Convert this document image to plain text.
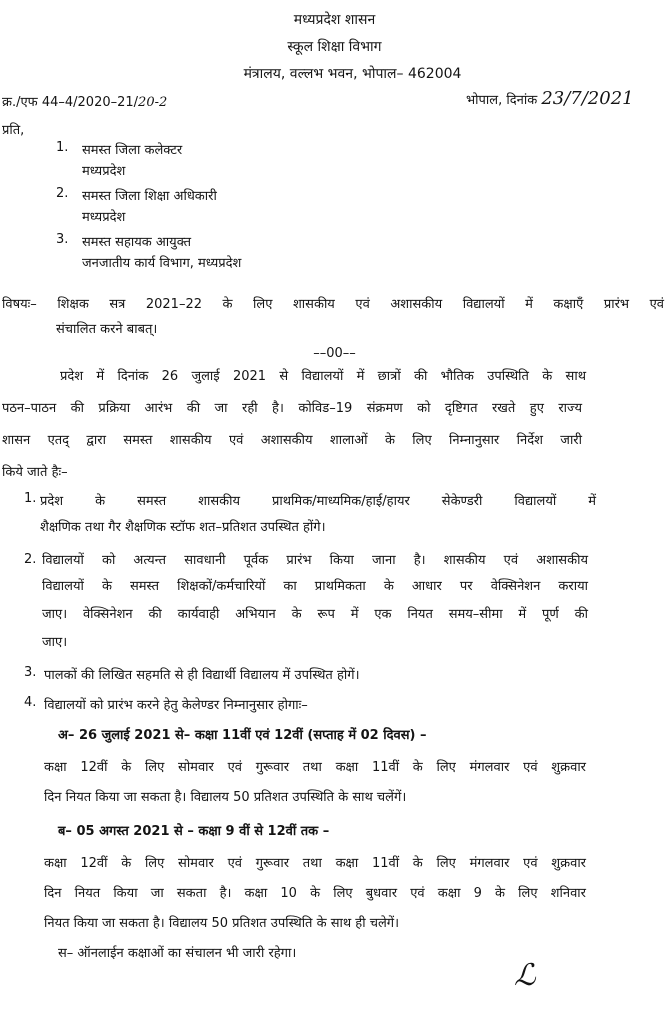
मध्यप्रदेश शासन
स्कूल शिक्षा विभाग
मंत्रालय, वल्लभ भवन, भोपाल– 462004
क्र./एफ 44–4/2020–21/20-2	भोपाल, दिनांक 23/7/2021
प्रति,
1. समस्त जिला कलेक्टर
मध्यप्रदेश
2. समस्त जिला शिक्षा अधिकारी
मध्यप्रदेश
3. समस्त सहायक आयुक्त
जनजातीय कार्य विभाग, मध्यप्रदेश
विषयः– शिक्षक सत्र 2021–22 के लिए शासकीय एवं अशासकीय विद्यालयों में कक्षाएँ प्रारंभ एवं
संचालित करने बाबत्।
––00––
प्रदेश में दिनांक 26 जुलाई 2021 से विद्यालयों में छात्रों की भौतिक उपस्थिति के साथ
पठन–पाठन की प्रक्रिया आरंभ की जा रही है। कोविड–19 संक्रमण को दृष्टिगत रखते हुए राज्य
शासन एतद् द्वारा समस्त शासकीय एवं अशासकीय शालाओं के लिए निम्नानुसार निर्देश जारी
किये जाते हैः–
1. प्रदेश के समस्त शासकीय प्राथमिक/माध्यमिक/हाई/हायर सेकेण्डरी विद्यालयों में
शैक्षणिक तथा गैर शैक्षणिक स्टॉफ शत–प्रतिशत उपस्थित होंगे।
2. विद्यालयों को अत्यन्त सावधानी पूर्वक प्रारंभ किया जाना है। शासकीय एवं अशासकीय
विद्यालयों के समस्त शिक्षकों/कर्मचारियों का प्राथमिकता के आधार पर वेक्सिनेशन कराया
जाए। वेक्सिनेशन की कार्यवाही अभियान के रूप में एक नियत समय–सीमा में पूर्ण की
जाए।
3. पालकों की लिखित सहमति से ही विद्यार्थी विद्यालय में उपस्थित होगें।
4. विद्यालयों को प्रारंभ करने हेतु केलेण्डर निम्नानुसार होगाः–
अ– 26 जुलाई 2021 से– कक्षा 11वीं एवं 12वीं (सप्ताह में 02 दिवस) –
कक्षा 12वीं के लिए सोमवार एवं गुरूवार तथा कक्षा 11वीं के लिए मंगलवार एवं शुक्रवार
दिन नियत किया जा सकता है। विद्यालय 50 प्रतिशत उपस्थिति के साथ चलेंगें।
ब– 05 अगस्त 2021 से – कक्षा 9 वीं से 12वीं तक –
कक्षा 12वीं के लिए सोमवार एवं गुरूवार तथा कक्षा 11वीं के लिए मंगलवार एवं शुक्रवार
दिन नियत किया जा सकता है। कक्षा 10 के लिए बुधवार एवं कक्षा 9 के लिए शनिवार
नियत किया जा सकता है। विद्यालय 50 प्रतिशत उपस्थिति के साथ ही चलेगें।
स– ऑनलाईन कक्षाओं का संचालन भी जारी रहेगा।
ℒ
